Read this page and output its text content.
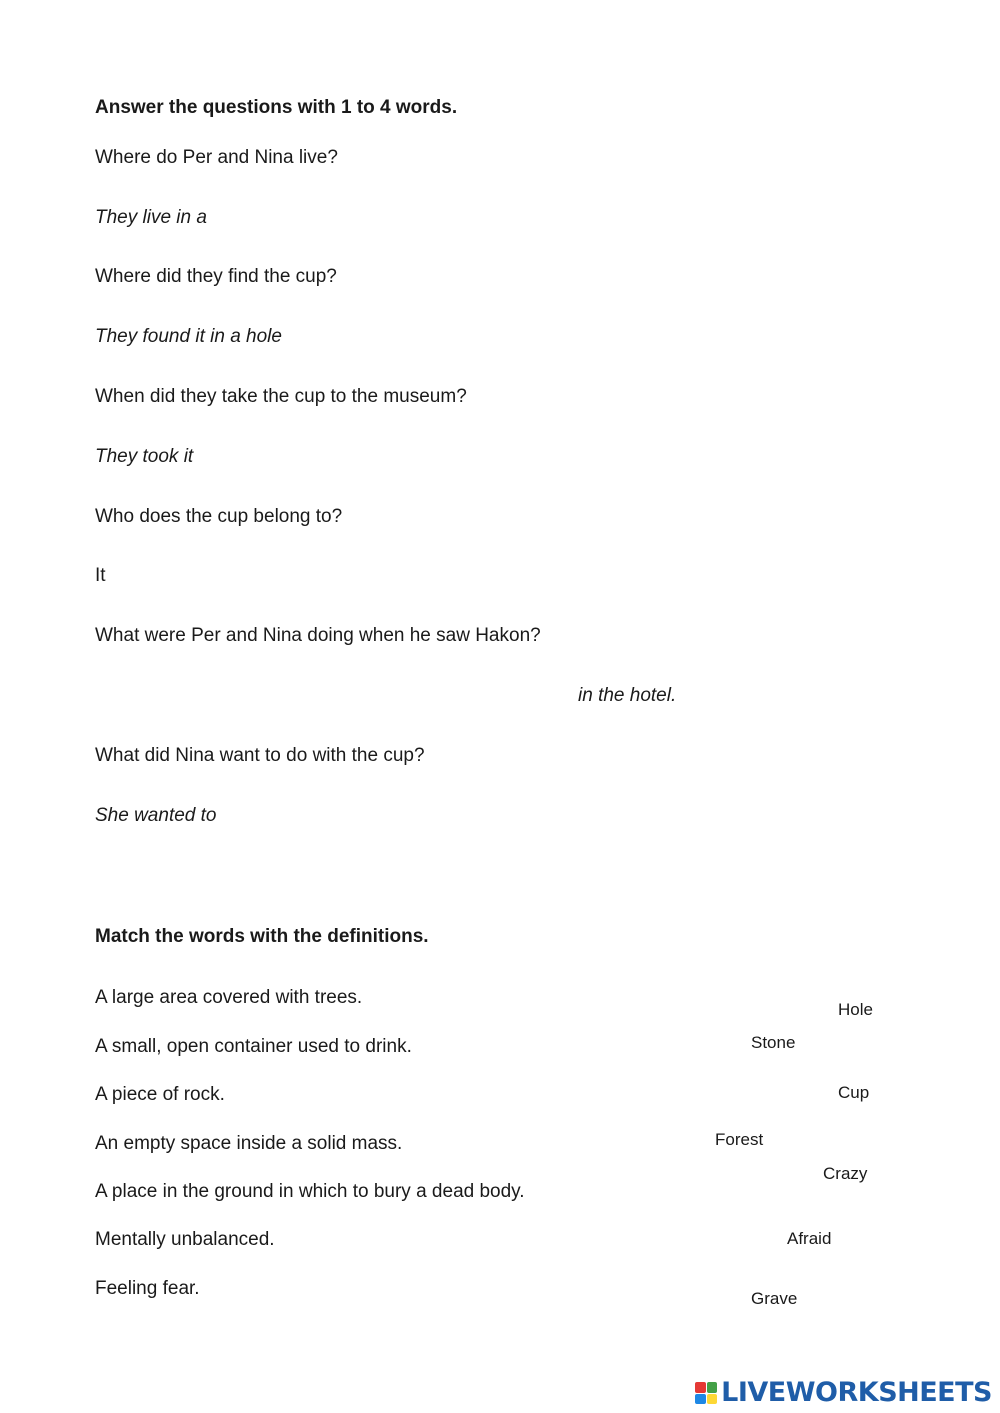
Answer the questions with 1 to 4 words.
Where do Per and Nina live?
They live in a
Where did they find the cup?
They found it in a hole
When did they take the cup to the museum?
They took it
Who does the cup belong to?
It
What were Per and Nina doing when he saw Hakon?
in the hotel.
What did Nina want to do with the cup?
She wanted to
Match the words with the definitions.
A large area covered with trees.
A small, open container used to drink.
A piece of rock.
An empty space inside a solid mass.
A place in the ground in which to bury a dead body.
Mentally unbalanced.
Feeling fear.
Hole
Stone
Cup
Forest
Crazy
Afraid
Grave
LIVEWORKSHEETS
